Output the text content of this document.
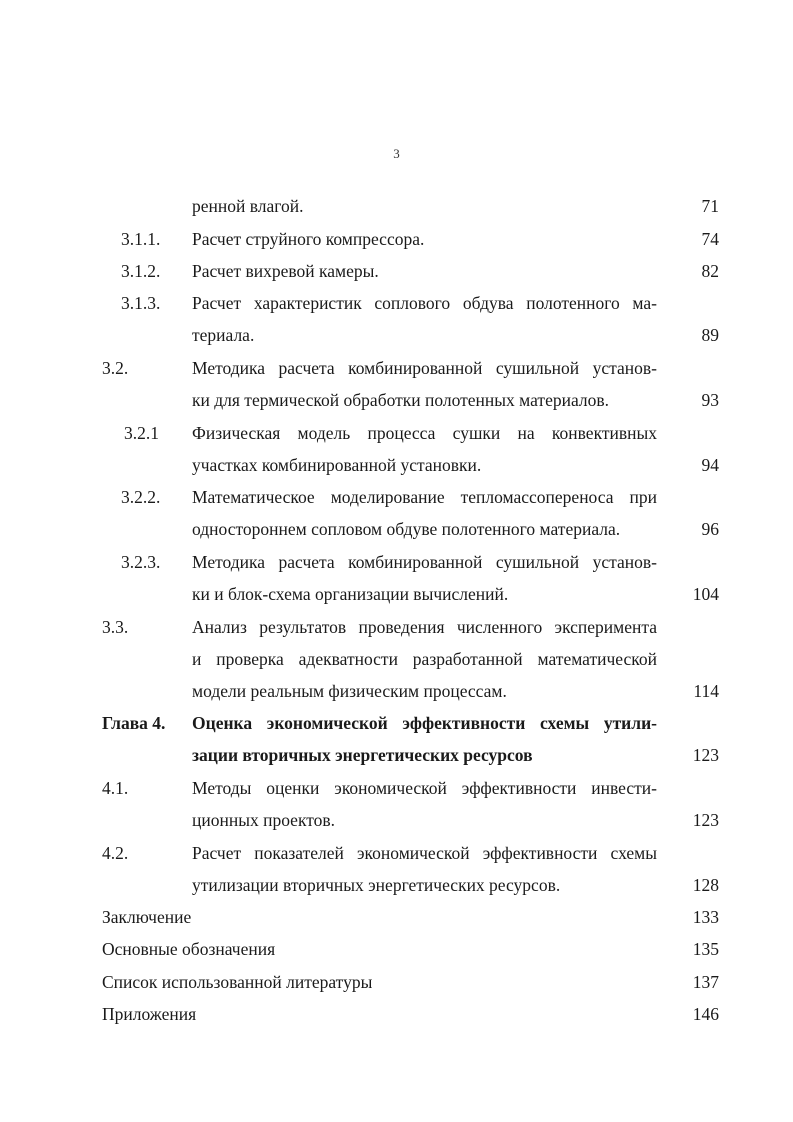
3
ренной влагой.	71
3.1.1. Расчет струйного компрессора.	74
3.1.2. Расчет вихревой камеры.	82
3.1.3. Расчет характеристик соплового обдува полотенного ма-
териала.	89
3.2.	Методика расчета комбинированной сушильной установ-
ки для термической обработки полотенных материалов.	93
3.2.1 Физическая модель процесса сушки на конвективных
участках комбинированной установки.	94
3.2.2. Математическое моделирование тепломассопереноса при
одностороннем сопловом обдуве полотенного материала.	96
3.2.3. Методика расчета комбинированной сушильной установ-
ки и блок-схема организации вычислений.	104
3.3.	Анализ результатов проведения численного эксперимента
и проверка адекватности разработанной математической
модели реальным физическим процессам.	114
Глава 4. Оценка экономической эффективности схемы утили-
зации вторичных энергетических ресурсов	123
4.1.	Методы оценки экономической эффективности инвести-
ционных проектов.	123
4.2.	Расчет показателей экономической эффективности схемы
утилизации вторичных энергетических ресурсов.	128
Заключение	133
Основные обозначения	135
Список использованной литературы	137
Приложения	146
